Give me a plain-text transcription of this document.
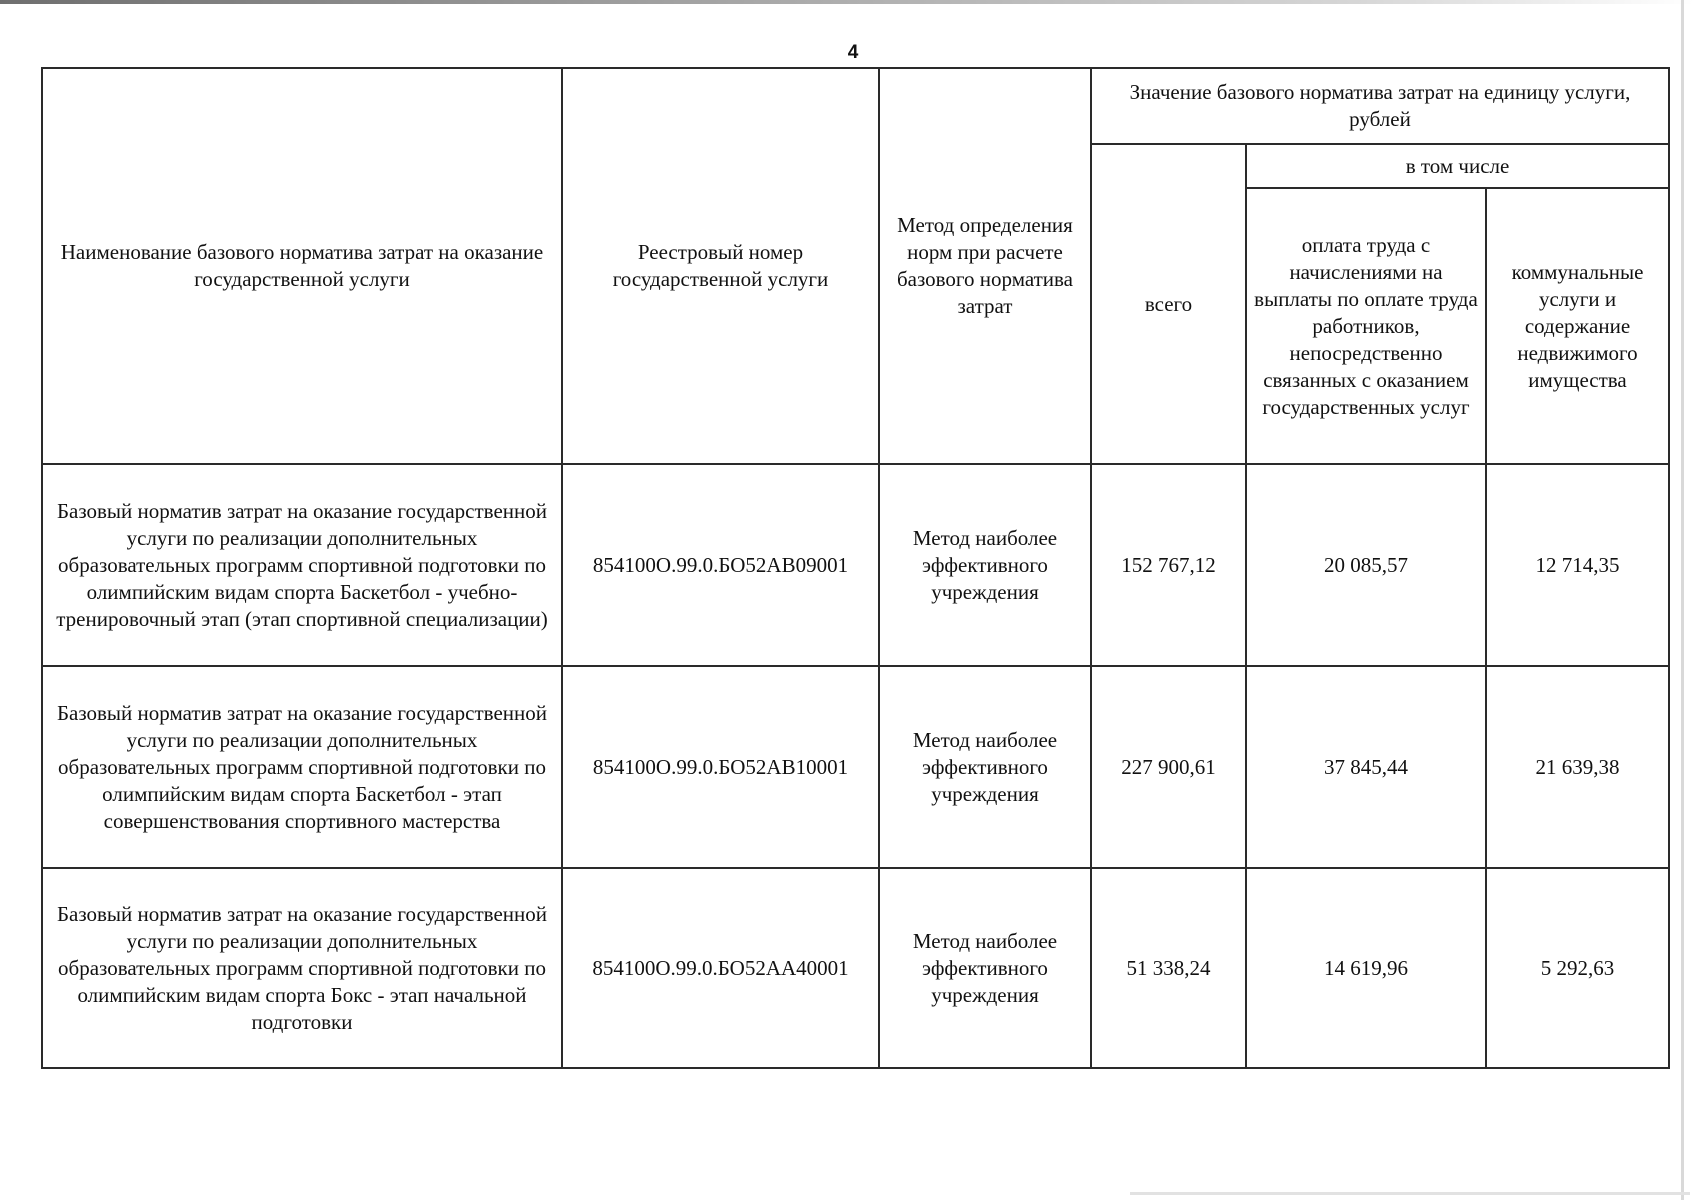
4
Наименование базового норматива затрат на оказание государственной услуги	Реестровый номер государственной услуги	Метод определения норм при расчете базового норматива затрат	Значение базового норматива затрат на единицу услуги, рублей		
			всего	в том числе	
				оплата труда с начислениями на выплаты по оплате труда работников, непосредственно связанных с оказанием государственных услуг	коммунальные услуги и содержание недвижимого имущества
Базовый норматив затрат на оказание государственной услуги по реализации дополнительных образовательных программ спортивной подготовки по олимпийским видам спорта Баскетбол - учебно-тренировочный этап (этап спортивной специализации)	854100О.99.0.БО52АВ09001	Метод наиболее эффективного учреждения	152 767,12	20 085,57	12 714,35
Базовый норматив затрат на оказание государственной услуги по реализации дополнительных образовательных программ спортивной подготовки по олимпийским видам спорта Баскетбол - этап совершенствования спортивного мастерства	854100О.99.0.БО52АВ10001	Метод наиболее эффективного учреждения	227 900,61	37 845,44	21 639,38
Базовый норматив затрат на оказание государственной услуги по реализации дополнительных образовательных программ спортивной подготовки по олимпийским видам спорта Бокс - этап начальной подготовки	854100О.99.0.БО52АА40001	Метод наиболее эффективного учреждения	51 338,24	14 619,96	5 292,63
